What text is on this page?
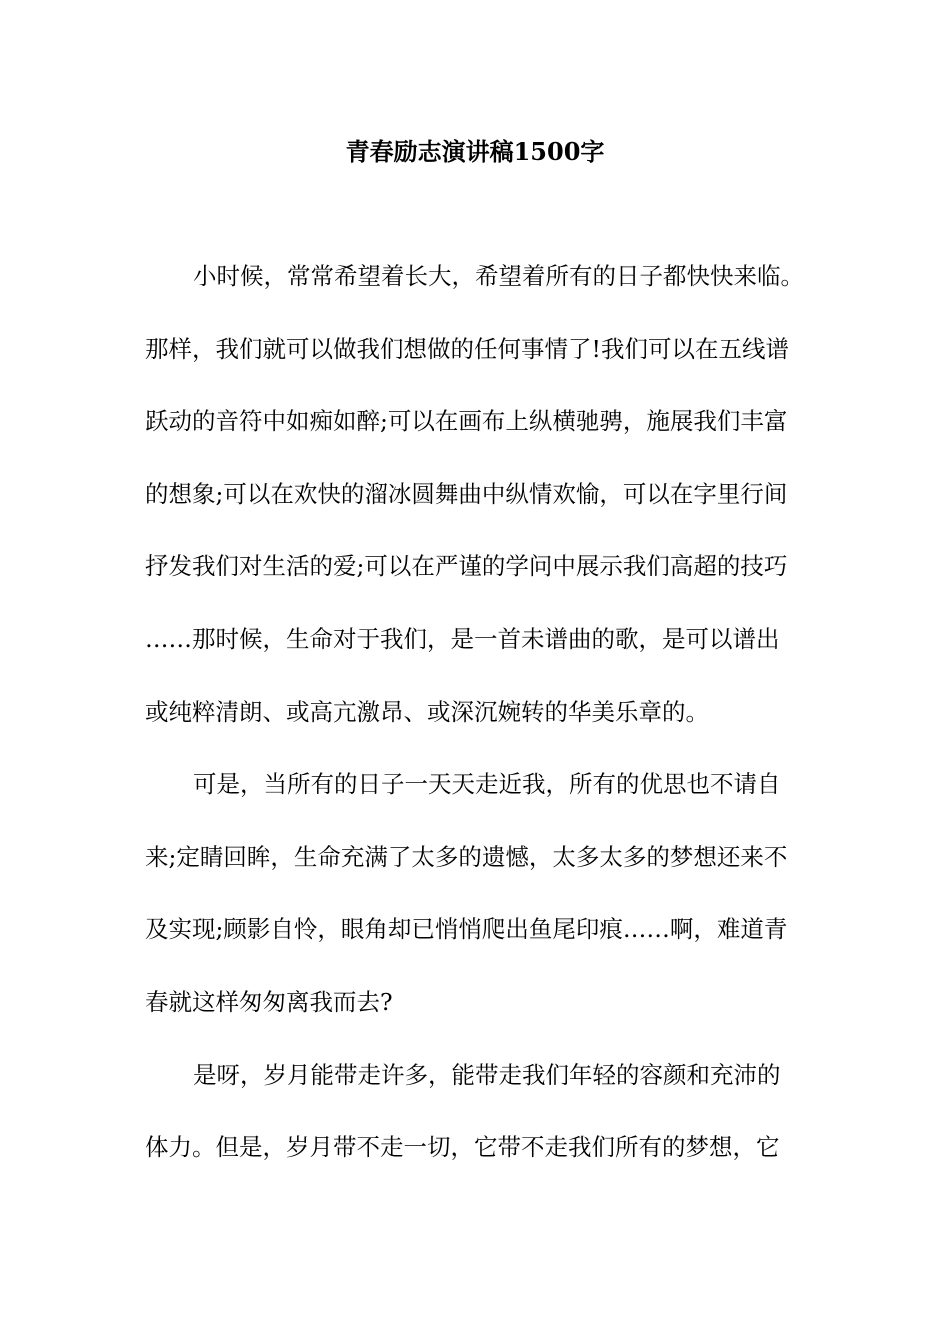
青春励志演讲稿1500字
小时候，常常希望着长大，希望着所有的日子都快快来临。
那样，我们就可以做我们想做的任何事情了!我们可以在五线谱
跃动的音符中如痴如醉;可以在画布上纵横驰骋，施展我们丰富
的想象;可以在欢快的溜冰圆舞曲中纵情欢愉，可以在字里行间
抒发我们对生活的爱;可以在严谨的学问中展示我们高超的技巧
……那时候，生命对于我们，是一首未谱曲的歌，是可以谱出
或纯粹清朗、或高亢激昂、或深沉婉转的华美乐章的。
可是，当所有的日子一天天走近我，所有的优思也不请自
来;定睛回眸，生命充满了太多的遗憾，太多太多的梦想还来不
及实现;顾影自怜，眼角却已悄悄爬出鱼尾印痕……啊，难道青
春就这样匆匆离我而去?
是呀，岁月能带走许多，能带走我们年轻的容颜和充沛的
体力。但是，岁月带不走一切，它带不走我们所有的梦想，它
